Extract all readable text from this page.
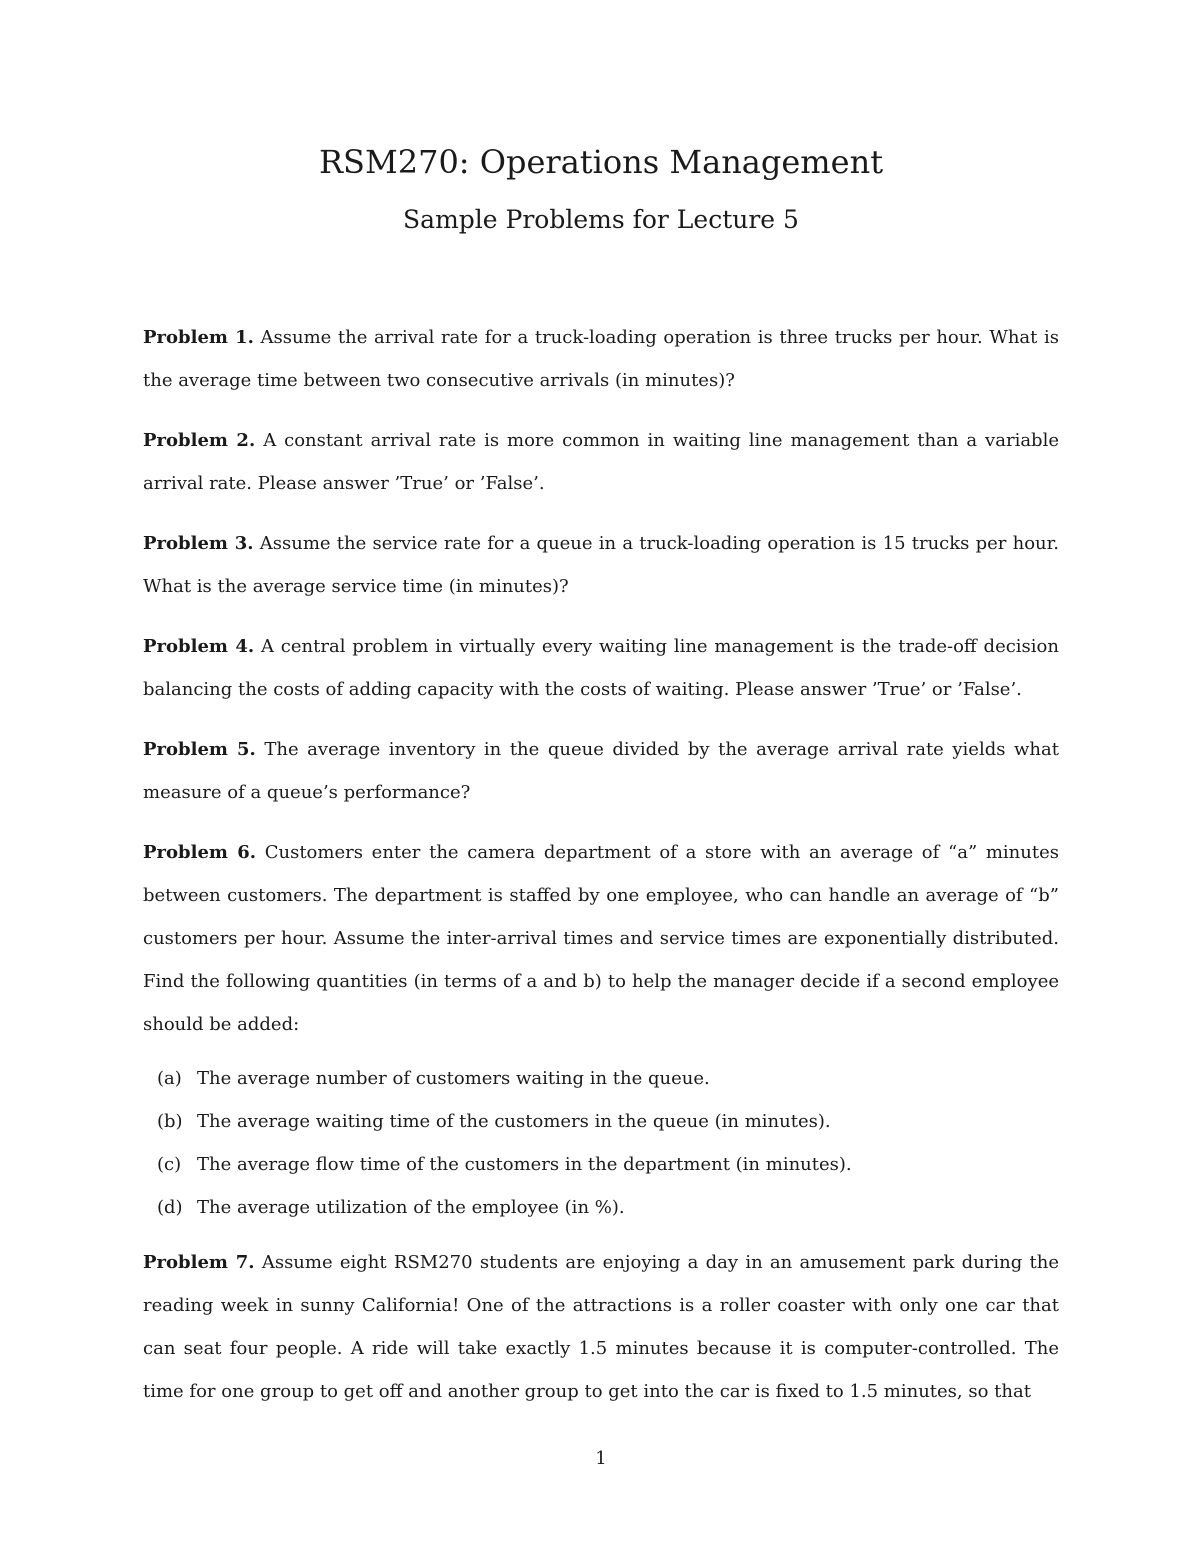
RSM270: Operations Management
Sample Problems for Lecture 5

Problem 1. Assume the arrival rate for a truck-loading operation is three trucks per hour. What is the average time between two consecutive arrivals (in minutes)?

Problem 2. A constant arrival rate is more common in waiting line management than a variable arrival rate. Please answer ’True’ or ’False’.

Problem 3. Assume the service rate for a queue in a truck-loading operation is 15 trucks per hour. What is the average service time (in minutes)?

Problem 4. A central problem in virtually every waiting line management is the trade-off decision balancing the costs of adding capacity with the costs of waiting. Please answer ’True’ or ’False’.

Problem 5. The average inventory in the queue divided by the average arrival rate yields what measure of a queue’s performance?

Problem 6. Customers enter the camera department of a store with an average of “a” minutes between customers. The department is staffed by one employee, who can handle an average of “b” customers per hour. Assume the inter-arrival times and service times are exponentially distributed. Find the following quantities (in terms of a and b) to help the manager decide if a second employee should be added:

(a) The average number of customers waiting in the queue.
(b) The average waiting time of the customers in the queue (in minutes).
(c) The average flow time of the customers in the department (in minutes).
(d) The average utilization of the employee (in %).

Problem 7. Assume eight RSM270 students are enjoying a day in an amusement park during the reading week in sunny California! One of the attractions is a roller coaster with only one car that can seat four people. A ride will take exactly 1.5 minutes because it is computer-controlled. The time for one group to get off and another group to get into the car is fixed to 1.5 minutes, so that

1
